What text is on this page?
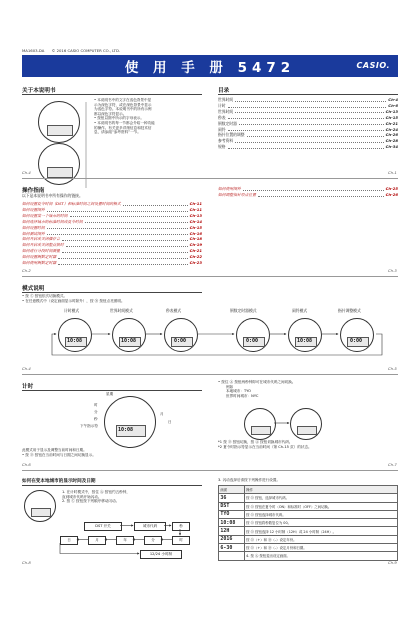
MA1603-DA © 2016 CASIO COMPUTER CO., LTD.
使 用 手 册 5472	CASIO.
关于本说明书
• 本说明书中的文字在浅色背景中显
示为深色字符，或在深色背景中显示
为浅色字符。本说明书中的所有示例
都以深色字符显示。
• 按钮以图中所示的字母表示。
• 本说明书的每一节都会介绍一种功能
的操作。有关更多详细信息和技术信
息，请参阅“参考资料”一节。
Ch-4
目录
世界时间	Ch-4
计时	Ch-6
世界时间	Ch-13
秒表	Ch-15
倒数定时器	Ch-21
闹铃	Ch-24
指针位置的调整	Ch-26
参考资料	Ch-28
规格	Ch-34
Ch-1
操作指南
以下是本说明书中所有操作的链接。
如何设置夏令时间（DST）和标准时间之间设置时间的格式	Ch-11
如何设置闹铃	Ch-11
如何设置某一个城市的时间	Ch-13
如何选择城市的标准时间或夏令时间	Ch-14
如何设置时间	Ch-15
如何测试闹铃	Ch-16
如何开启或关闭操作音	Ch-18
如何开启或关闭整点报时	Ch-19
如何进行分段时间测量	Ch-21
如何设置倒数定时器	Ch-22
如何使用倒数定时器	Ch-23
如何使用闹铃	Ch-25
如何调整指针原点位置	Ch-26
Ch-2	Ch-3
模式说明
• 按 Ⓒ 按钮依次切换模式。
• 在任意模式中（设定画面显示时除外），按 Ⓑ 按钮点亮照明。
计时模式	世界时间模式	秒表模式	倒数定时器模式	闹铃模式	指针调整模式
10:08	10:08	0:00	0:00	10:08	0:00
Ch-4	Ch-5
计时
10:08
星期
时
分
秒
下午指示符
月
日
此模式用于显示及调整当前时间和日期。
• 按 Ⓓ 按钮在当前时间与日期之间切换显示。
• 按住 Ⓐ 按钮两秒钟即可在城市代码之间切换。
例如
本地城市：TYO
世界时间城市：NYC
*1 按 Ⓓ 按钮切换，按 Ⓐ 按钮切换城市代码。
*2 夏令时指示符显示在当前时间（第 Ch-15 页）的状态。
Ch-6	Ch-7
如何在变本地城市的显示时间及日期
1. 在计时模式中，按住 Ⓐ 按钮约五秒钟，
直到城市代码开始闪动。
2. 按 Ⓒ 按钮按下列顺序移动闪动。
DST 开关	城市代码	秒
时
分
年
月
日
12/24 小时制
Ch-8
3. 闪动选择后请按下列操作进行设置。
画面	操作
36	按 Ⓓ 按钮，选择城市代码。
DST	按 Ⓓ 按钮在夏令时（ON）和标准时（OFF）之间切换。
TYO	按 Ⓓ 按钮选择城市代码。
10:08	按 Ⓓ 按钮将秒数复位为 00。
12H	按 Ⓓ 按钮选择 12 小时制（12H）或 24 小时制（24H）。
2016	按 Ⓓ（+）和 Ⓑ（-）设定年份。
6-30	按 Ⓓ（+）和 Ⓑ（-）设定月份和日期。
	4. 按 Ⓐ 按钮退出设定画面。
Ch-9
